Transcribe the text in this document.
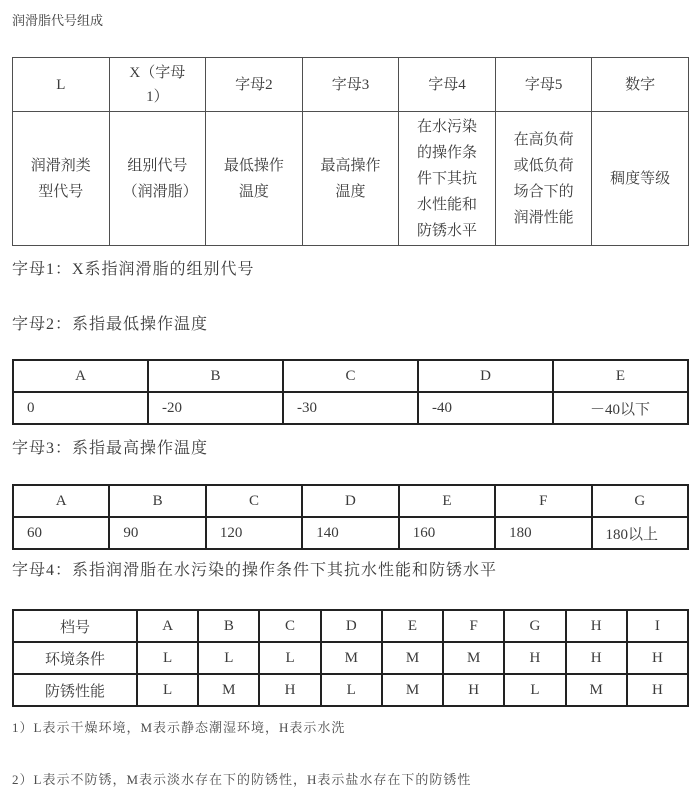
润滑脂代号组成

L	X（字母1）	字母2	字母3	字母4	字母5	数字
润滑剂类型代号	组别代号（润滑脂）	最低操作温度	最高操作温度	在水污染的操作条件下其抗水性能和防锈水平	在高负荷或低负荷场合下的润滑性能	稠度等级

字母1：X系指润滑脂的组别代号

字母2：系指最低操作温度

A	B	C	D	E
0	-20	-30	-40	－40以下

字母3：系指最高操作温度

A	B	C	D	E	F	G
60	90	120	140	160	180	180以上

字母4：系指润滑脂在水污染的操作条件下其抗水性能和防锈水平

档号	A	B	C	D	E	F	G	H	I
环境条件	L	L	L	M	M	M	H	H	H
防锈性能	L	M	H	L	M	H	L	M	H

1）L表示干燥环境，M表示静态潮湿环境，H表示水洗

2）L表示不防锈，M表示淡水存在下的防锈性，H表示盐水存在下的防锈性
